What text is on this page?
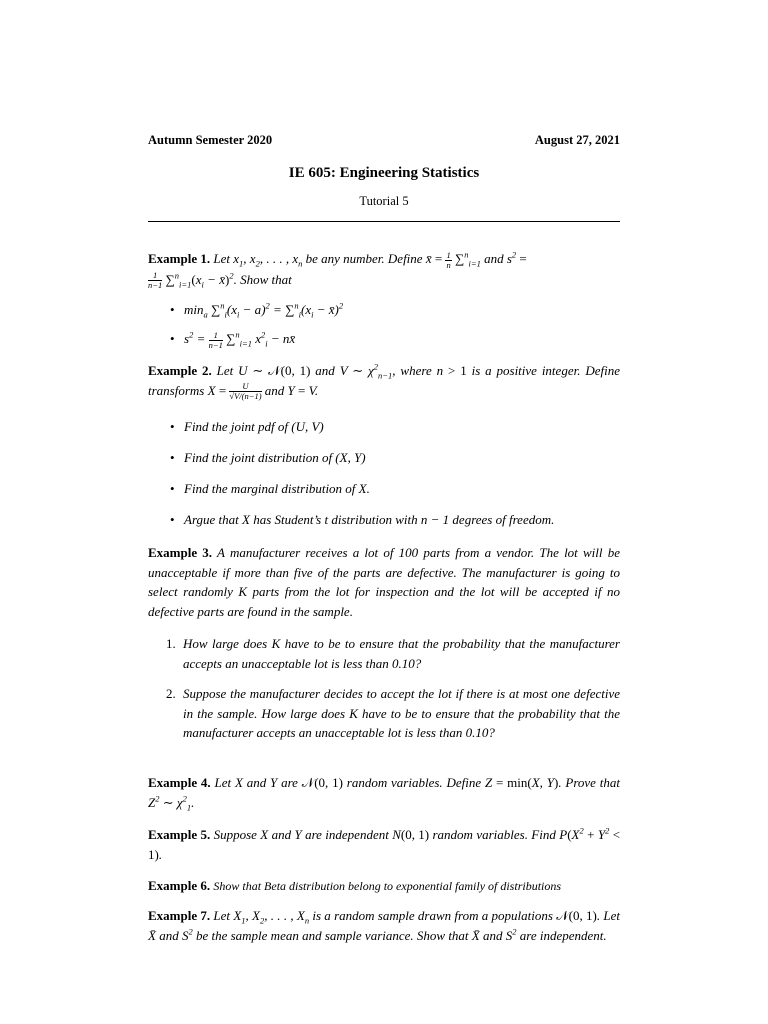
Autumn Semester 2020	August 27, 2021
IE 605: Engineering Statistics
Tutorial 5
Example 1. Let $x_1$, $x_2$, . . . , $x_n$ be any number. Define x̄ = $\frac{1}{n} \sum^n_{i=1}$ and $s^2$ =

$\frac{1}{n-1} \sum^n_{i=1}(x_i$ − x̄)$^2$. Show that
• $\min_a \sum^n_i(x_i - a)^2 = \sum^n_i(x_i$ − x̄)$^2$
• $s^2 = \frac{1}{n-1} \sum^n_{i=1}$ $x^2_i$ − nx̄
Example 2. Let U ∼ 𝒩(0, 1) and V ∼ $\chi^2_{n-1}$, where n > 1 is a positive integer. Define transforms $X = \frac{U}{√V/(n-1)}$ and Y = V.
• Find the joint pdf of (U, V)
• Find the joint distribution of (X, Y)
• Find the marginal distribution of X.
• Argue that X has Student’s t distribution with n − 1 degrees of freedom.
Example 3. A manufacturer receives a lot of 100 parts from a vendor. The lot will be unacceptable if more than five of the parts are defective. The manufacturer is going to select randomly K parts from the lot for inspection and the lot will be accepted if no defective parts are found in the sample.
1. How large does K have to be to ensure that the probability that the manufacturer accepts an unacceptable lot is less than 0.10?
2. Suppose the manufacturer decides to accept the lot if there is at most one defective in the sample. How large does K have to be to ensure that the probability that the manufacturer accepts an unacceptable lot is less than 0.10?
Example 4. Let X and Y are 𝒩(0, 1) random variables. Define Z = min(X, Y). Prove that $Z^2$ ∼ $\chi^2_1$.
Example 5. Suppose X and Y are independent N(0, 1) random variables. Find $P(X^2 + Y^2 < 1)$.
Example 6. Show that Beta distribution belong to exponential family of distributions
Example 7. Let $X_1$, $X_2$, . . . , $X_n$ is a random sample drawn from a populations 𝒩(0, 1). Let X̄ and $S^2$ be the sample mean and sample variance. Show that X̄ and $S^2$ are independent.
